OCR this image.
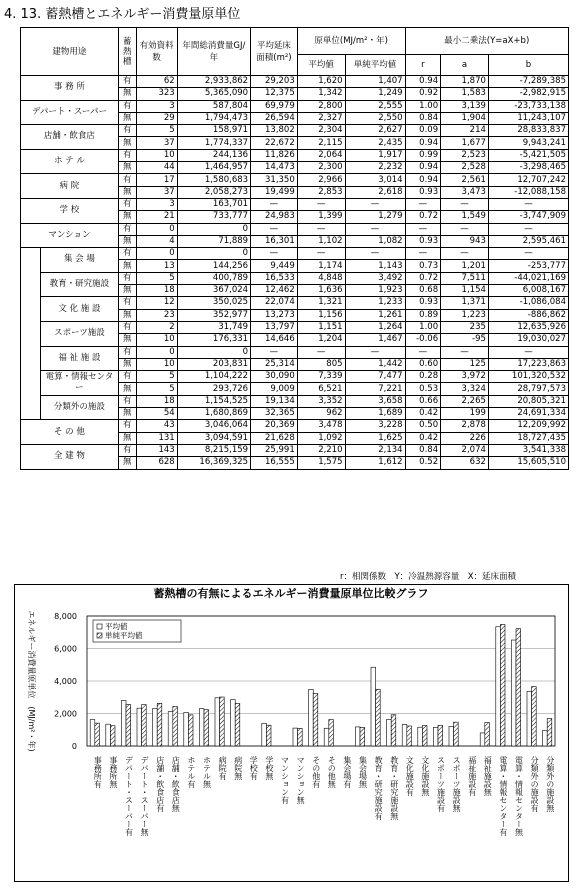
4. 13. 蓄熱槽とエネルギー消費量原単位
建物用途		蓄熱槽	有効資料数	年間総消費量GJ/年	平均延床面積(m²)	原単位(MJ/m²・年)		最小二乗法(Y=aX+b)		
						平均値	単純平均値	r	a	b
事 務 所		有	62	2,933,862	29,203	1,620	1,407	0.94	1,870	-7,289,385
		無	323	5,365,090	12,375	1,342	1,249	0.92	1,583	-2,982,915
デパート・スーパー		有	3	587,804	69,979	2,800	2,555	1.00	3,139	-23,733,138
		無	29	1,794,473	26,594	2,327	2,550	0.84	1,904	11,243,107
店舗・飲食店		有	5	158,971	13,802	2,304	2,627	0.09	214	28,833,837
		無	37	1,774,337	22,672	2,115	2,435	0.94	1,677	9,943,241
ホ テ ル		有	10	244,136	11,826	2,064	1,917	0.99	2,523	-5,421,505
		無	44	1,464,957	14,473	2,300	2,232	0.94	2,528	-3,298,465
病 院		有	17	1,580,683	31,350	2,966	3,014	0.94	2,561	12,707,242
		無	37	2,058,273	19,499	2,853	2,618	0.93	3,473	-12,088,158
学 校		有	3	163,701	—	—	—	—	—	—
		無	21	733,777	24,983	1,399	1,279	0.72	1,549	-3,747,909
マンション		有	0	0	—	—	—	—	—	—
		無	4	71,889	16,301	1,102	1,082	0.93	943	2,595,461
	集 会 場	有	0	0	—	—	—	—	—	—
		無	13	144,256	9,449	1,174	1,143	0.73	1,201	-253,777
	教育・研究施設	有	5	400,789	16,533	4,848	3,492	0.72	7,511	-44,021,169
		無	18	367,024	12,462	1,636	1,923	0.68	1,154	6,008,167
	文 化 施 設	有	12	350,025	22,074	1,321	1,233	0.93	1,371	-1,086,084
		無	23	352,977	13,273	1,156	1,261	0.89	1,223	-886,862
	スポーツ施設	有	2	31,749	13,797	1,151	1,264	1.00	235	12,635,926
		無	10	176,331	14,646	1,204	1,467	-0.06	-95	19,030,027
	福 祉 施 設	有	0	0	—	—	—	—	—	—
		無	10	203,831	25,314	805	1,442	0.60	125	17,223,863
	電算・情報センター	有	5	1,104,222	30,090	7,339	7,477	0.28	3,972	101,320,532
		無	5	293,726	9,009	6,521	7,221	0.53	3,324	28,797,573
	分類外の施設	有	18	1,154,525	19,134	3,352	3,658	0.66	2,265	20,805,321
		無	54	1,680,869	32,365	962	1,689	0.42	199	24,691,334
そ の 他		有	43	3,046,064	20,369	3,478	3,228	0.50	2,878	12,209,992
		無	131	3,094,591	21,628	1,092	1,625	0.42	226	18,727,435
全 建 物		有	143	8,215,159	25,991	2,210	2,134	0.84	2,074	3,541,338
		無	628	16,369,325	16,555	1,575	1,612	0.52	632	15,605,510
r：相関係数　Y：冷温熱源容量　X：延床面積
蓄熱槽の有無によるエネルギー消費量原単位比較グラフ
0
2,000
4,000
6,000
8,000
事務所有 事務所無 デパート・スーパー有 デパート・スーパー無 店舗・飲食店有 店舗・飲食店無 ホテル有 ホテル無 病院有 病院無 学校有 学校無 マンション有 マンション無 その他有 その他無 集会場有 集会場無 教育・研究施設有 教育・研究施設無 文化施設有 文化施設無 スポーツ施設有 スポーツ施設無 福祉施設有 福祉施設無 電算・情報センター有 電算・情報センター無 分類外の施設有 分類外の施設無
平均値
単純平均値
エネルギー消費量原単位　(MJ/m²・年)
